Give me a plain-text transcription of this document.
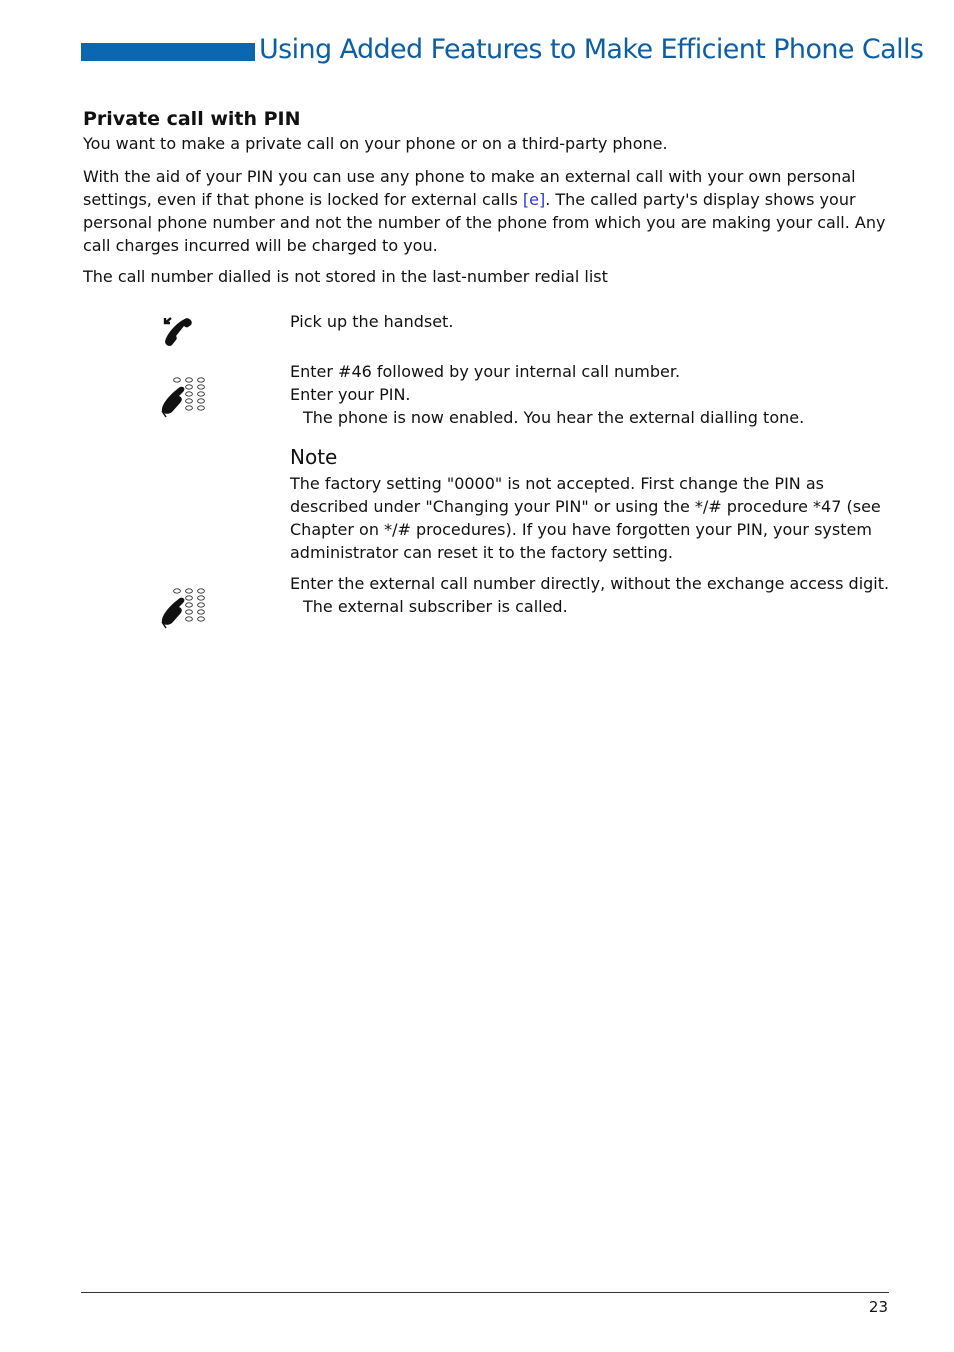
Using Added Features to Make Efficient Phone Calls
Private call with PIN
You want to make a private call on your phone or on a third-party phone.
With the aid of your PIN you can use any phone to make an external call with your own personal settings, even if that phone is locked for external calls [e]. The called party's display shows your personal phone number and not the number of the phone from which you are making your call. Any call charges incurred will be charged to you.
The call number dialled is not stored in the last-number redial list
Pick up the handset.
Enter #46 followed by your internal call number.
Enter your PIN.
The phone is now enabled. You hear the external dialling tone.
Note
The factory setting "0000" is not accepted. First change the PIN as described under "Changing your PIN" or using the */# procedure *47 (see Chapter on */# procedures). If you have forgotten your PIN, your system administrator can reset it to the factory setting.
Enter the external call number directly, without the exchange access digit.
The external subscriber is called.
23
